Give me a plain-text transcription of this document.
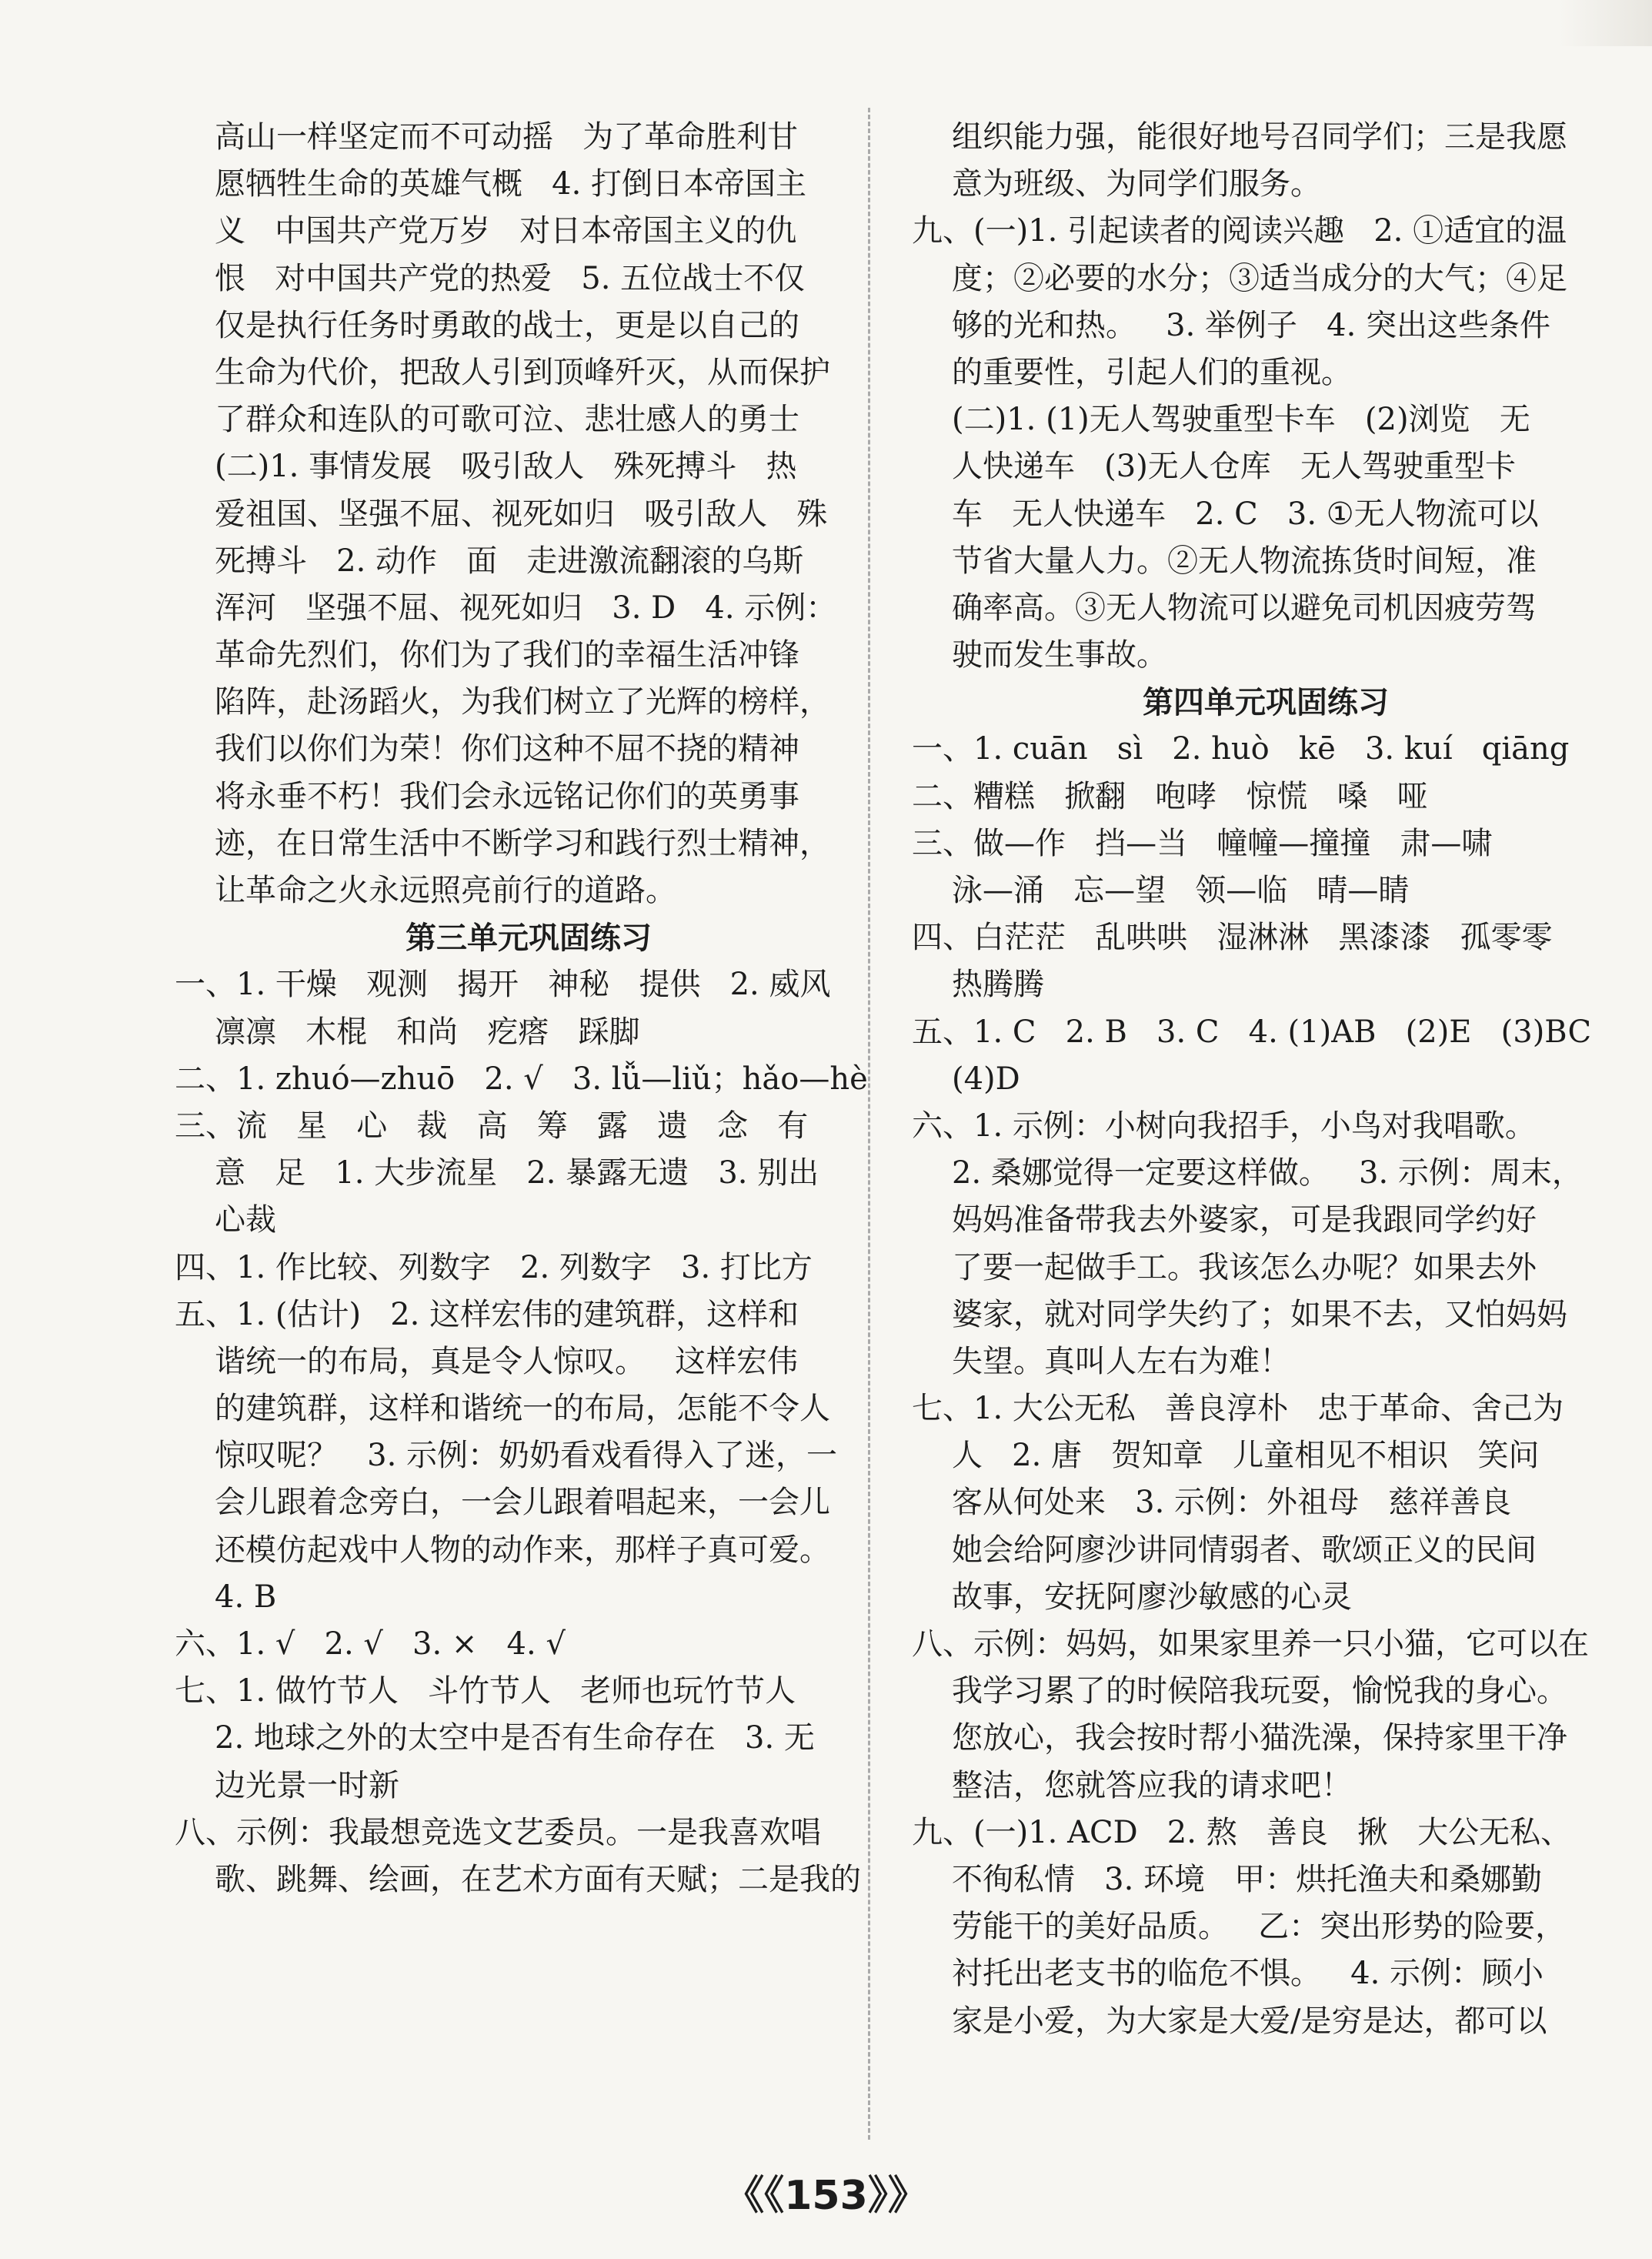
高山一样坚定而不可动摇   为了革命胜利甘
愿牺牲生命的英雄气概   4. 打倒日本帝国主
义   中国共产党万岁   对日本帝国主义的仇
恨   对中国共产党的热爱   5. 五位战士不仅
仅是执行任务时勇敢的战士，更是以自己的
生命为代价，把敌人引到顶峰歼灭，从而保护
了群众和连队的可歌可泣、悲壮感人的勇士
(二)1. 事情发展   吸引敌人   殊死搏斗   热
爱祖国、坚强不屈、视死如归   吸引敌人   殊
死搏斗   2. 动作   面   走进激流翻滚的乌斯
浑河   坚强不屈、视死如归   3. D   4. 示例：
革命先烈们，你们为了我们的幸福生活冲锋
陷阵，赴汤蹈火，为我们树立了光辉的榜样，
我们以你们为荣！你们这种不屈不挠的精神
将永垂不朽！我们会永远铭记你们的英勇事
迹，在日常生活中不断学习和践行烈士精神，
让革命之火永远照亮前行的道路。
第三单元巩固练习
一、1. 干燥   观测   揭开   神秘   提供   2. 威风
凛凛   木棍   和尚   疙瘩   踩脚
二、1. zhuó—zhuō   2. √   3. lǚ—liǔ；hǎo—hè
三、流   星   心   裁   高   筹   露   遗   念   有
意   足   1. 大步流星   2. 暴露无遗   3. 别出
心裁
四、1. 作比较、列数字   2. 列数字   3. 打比方
五、1. (估计)   2. 这样宏伟的建筑群，这样和
谐统一的布局，真是令人惊叹。   这样宏伟
的建筑群，这样和谐统一的布局，怎能不令人
惊叹呢？   3. 示例：奶奶看戏看得入了迷，一
会儿跟着念旁白，一会儿跟着唱起来，一会儿
还模仿起戏中人物的动作来，那样子真可爱。
4. B
六、1. √   2. √   3. ×   4. √
七、1. 做竹节人   斗竹节人   老师也玩竹节人
2. 地球之外的太空中是否有生命存在   3. 无
边光景一时新
八、示例：我最想竞选文艺委员。一是我喜欢唱
歌、跳舞、绘画，在艺术方面有天赋；二是我的
组织能力强，能很好地号召同学们；三是我愿
意为班级、为同学们服务。
九、(一)1. 引起读者的阅读兴趣   2. ①适宜的温
度；②必要的水分；③适当成分的大气；④足
够的光和热。   3. 举例子   4. 突出这些条件
的重要性，引起人们的重视。
(二)1. (1)无人驾驶重型卡车   (2)浏览   无
人快递车   (3)无人仓库   无人驾驶重型卡
车   无人快递车   2. C   3. ①无人物流可以
节省大量人力。②无人物流拣货时间短，准
确率高。③无人物流可以避免司机因疲劳驾
驶而发生事故。
第四单元巩固练习
一、1. cuān   sì   2. huò   kē   3. kuí   qiāng
二、糟糕   掀翻   咆哮   惊慌   嗓   哑
三、做—作   挡—当   幢幢—撞撞   肃—啸
泳—涌   忘—望   领—临   晴—睛
四、白茫茫   乱哄哄   湿淋淋   黑漆漆   孤零零
热腾腾
五、1. C   2. B   3. C   4. (1)AB   (2)E   (3)BC
(4)D
六、1. 示例：小树向我招手，小鸟对我唱歌。
2. 桑娜觉得一定要这样做。   3. 示例：周末，
妈妈准备带我去外婆家，可是我跟同学约好
了要一起做手工。我该怎么办呢？如果去外
婆家，就对同学失约了；如果不去，又怕妈妈
失望。真叫人左右为难！
七、1. 大公无私   善良淳朴   忠于革命、舍己为
人   2. 唐   贺知章   儿童相见不相识   笑问
客从何处来   3. 示例：外祖母   慈祥善良
她会给阿廖沙讲同情弱者、歌颂正义的民间
故事，安抚阿廖沙敏感的心灵
八、示例：妈妈，如果家里养一只小猫，它可以在
我学习累了的时候陪我玩耍，愉悦我的身心。
您放心，我会按时帮小猫洗澡，保持家里干净
整洁，您就答应我的请求吧！
九、(一)1. ACD   2. 熬   善良   揪   大公无私、
不徇私情   3. 环境   甲：烘托渔夫和桑娜勤
劳能干的美好品质。   乙：突出形势的险要，
衬托出老支书的临危不惧。   4. 示例：顾小
家是小爱，为大家是大爱/是穷是达，都可以
《《153》》
